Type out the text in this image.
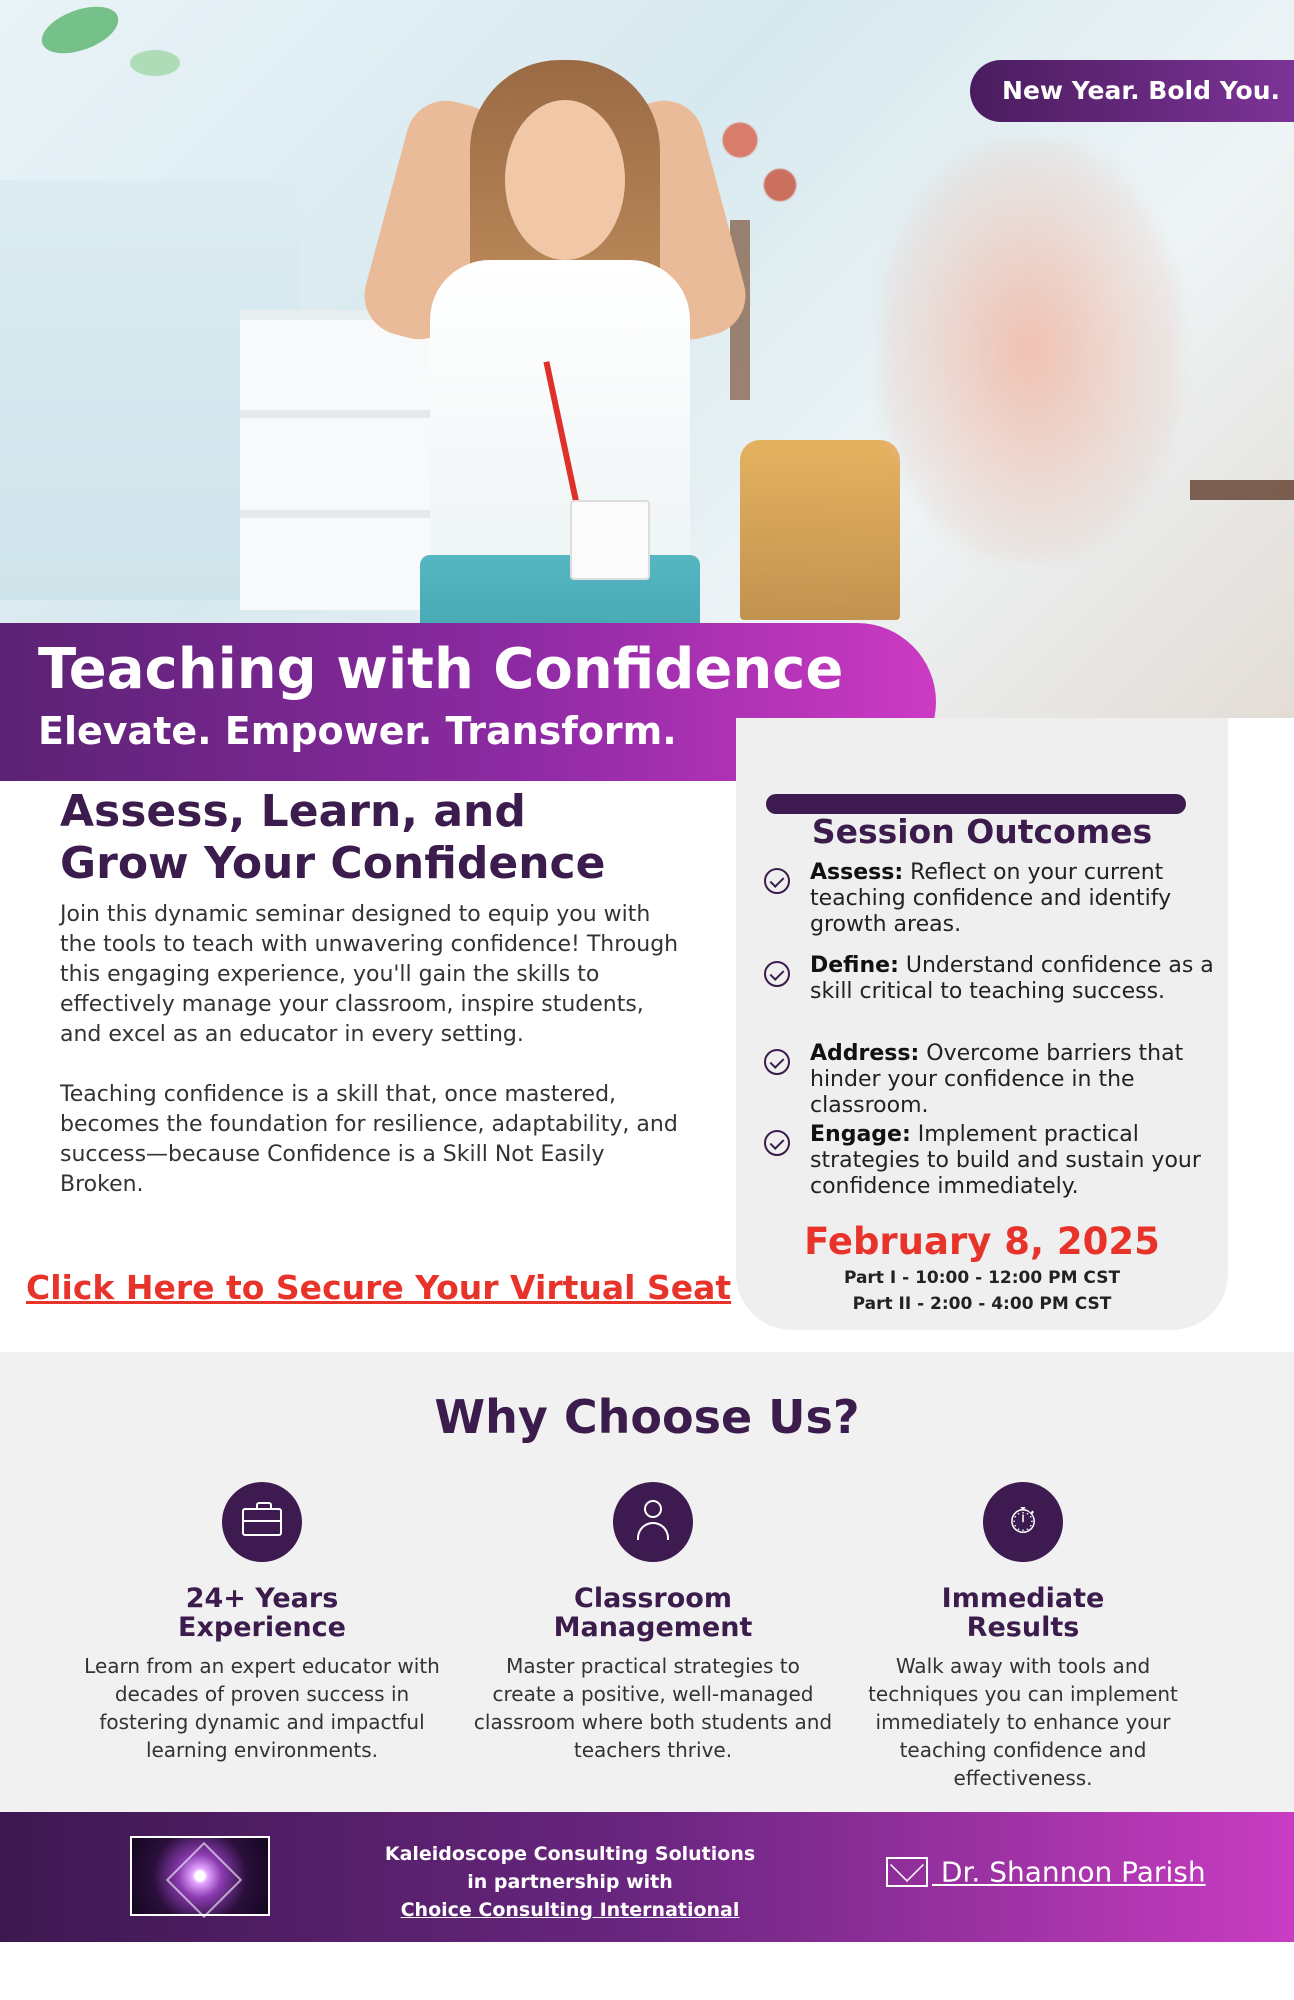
New Year. Bold You.
Teaching with Confidence
Elevate. Empower. Transform.
Assess, Learn, and
Grow Your Confidence

Join this dynamic seminar designed to equip you with the tools to teach with unwavering confidence! Through this engaging experience, you'll gain the skills to effectively manage your classroom, inspire students, and excel as an educator in every setting.

Teaching confidence is a skill that, once mastered, becomes the foundation for resilience, adaptability, and success—because Confidence is a Skill Not Easily Broken.

Click Here to Secure Your Virtual Seat
Session Outcomes
Assess: Reflect on your current teaching confidence and identify growth areas.
Define: Understand confidence as a skill critical to teaching success.
Address: Overcome barriers that hinder your confidence in the classroom.
Engage: Implement practical strategies to build and sustain your confidence immediately.
February 8, 2025
Part I - 10:00 - 12:00 PM CST
Part II - 2:00 - 4:00 PM CST
Why Choose Us?
24+ Years
Experience

Learn from an expert educator with decades of proven success in fostering dynamic and impactful learning environments.

Classroom
Management

Master practical strategies to create a positive, well-managed classroom where both students and teachers thrive.

⏱
Immediate
Results

Walk away with tools and techniques you can implement immediately to enhance your teaching confidence and effectiveness.

Kaleidoscope Consulting Solutions
in partnership with
Choice Consulting International
Dr. Shannon Parish
